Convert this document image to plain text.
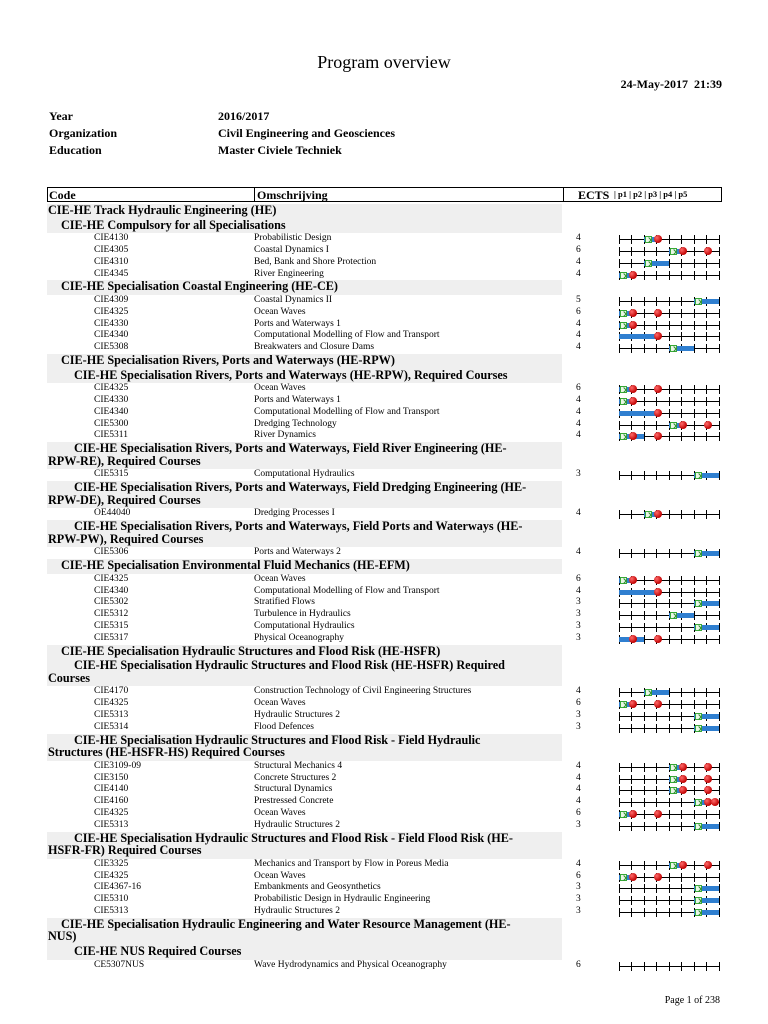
Program overview
24-May-2017  21:39
Year	2016/2017
Organization	Civil Engineering and Geosciences
Education	Master Civiele Techniek
Code	Omschrijving	ECTS | p1 | p2 | p3 | p4 | p5
CIE-HE Track Hydraulic Engineering (HE)
CIE-HE Compulsory for all Specialisations
CIE4130	Probabilistic Design	4
CIE4305	Coastal Dynamics I	6
CIE4310	Bed, Bank and Shore Protection	4
CIE4345	River Engineering	4
CIE-HE Specialisation Coastal Engineering (HE-CE)
CIE4309	Coastal Dynamics II	5
CIE4325	Ocean Waves	6
CIE4330	Ports and Waterways 1	4
CIE4340	Computational Modelling of Flow and Transport	4
CIE5308	Breakwaters and Closure Dams	4
CIE-HE Specialisation Rivers, Ports and Waterways (HE-RPW)
CIE-HE Specialisation Rivers, Ports and Waterways (HE-RPW), Required Courses
CIE4325	Ocean Waves	6
CIE4330	Ports and Waterways 1	4
CIE4340	Computational Modelling of Flow and Transport	4
CIE5300	Dredging Technology	4
CIE5311	River Dynamics	4
CIE-HE Specialisation Rivers, Ports and Waterways, Field River Engineering (HE-
RPW-RE), Required Courses
CIE5315	Computational Hydraulics	3
CIE-HE Specialisation Rivers, Ports and Waterways, Field Dredging Engineering (HE-
RPW-DE), Required Courses
OE44040	Dredging Processes I	4
CIE-HE Specialisation Rivers, Ports and Waterways, Field Ports and Waterways (HE-
RPW-PW), Required Courses
CIE5306	Ports and Waterways 2	4
CIE-HE Specialisation Environmental Fluid Mechanics (HE-EFM)
CIE4325	Ocean Waves	6
CIE4340	Computational Modelling of Flow and Transport	4
CIE5302	Stratified Flows	3
CIE5312	Turbulence in Hydraulics	3
CIE5315	Computational Hydraulics	3
CIE5317	Physical Oceanography	3
CIE-HE Specialisation Hydraulic Structures and Flood Risk (HE-HSFR)
CIE-HE Specialisation Hydraulic Structures and Flood Risk (HE-HSFR) Required
Courses
CIE4170	Construction Technology of Civil Engineering Structures	4
CIE4325	Ocean Waves	6
CIE5313	Hydraulic Structures 2	3
CIE5314	Flood Defences	3
CIE-HE Specialisation Hydraulic Structures and Flood Risk - Field Hydraulic
Structures (HE-HSFR-HS) Required Courses
CIE3109-09	Structural Mechanics 4	4
CIE3150	Concrete Structures 2	4
CIE4140	Structural Dynamics	4
CIE4160	Prestressed Concrete	4
CIE4325	Ocean Waves	6
CIE5313	Hydraulic Structures 2	3
CIE-HE Specialisation Hydraulic Structures and Flood Risk - Field Flood Risk (HE-
HSFR-FR) Required Courses
CIE3325	Mechanics and Transport by Flow in Poreus Media	4
CIE4325	Ocean Waves	6
CIE4367-16	Embankments and Geosynthetics	3
CIE5310	Probabilistic Design in Hydraulic Engineering	3
CIE5313	Hydraulic Structures 2	3
CIE-HE Specialisation Hydraulic Engineering and Water Resource Management (HE-
NUS)
CIE-HE NUS Required Courses
CE5307NUS	Wave Hydrodynamics and Physical Oceanography	6
Page 1 of 238
